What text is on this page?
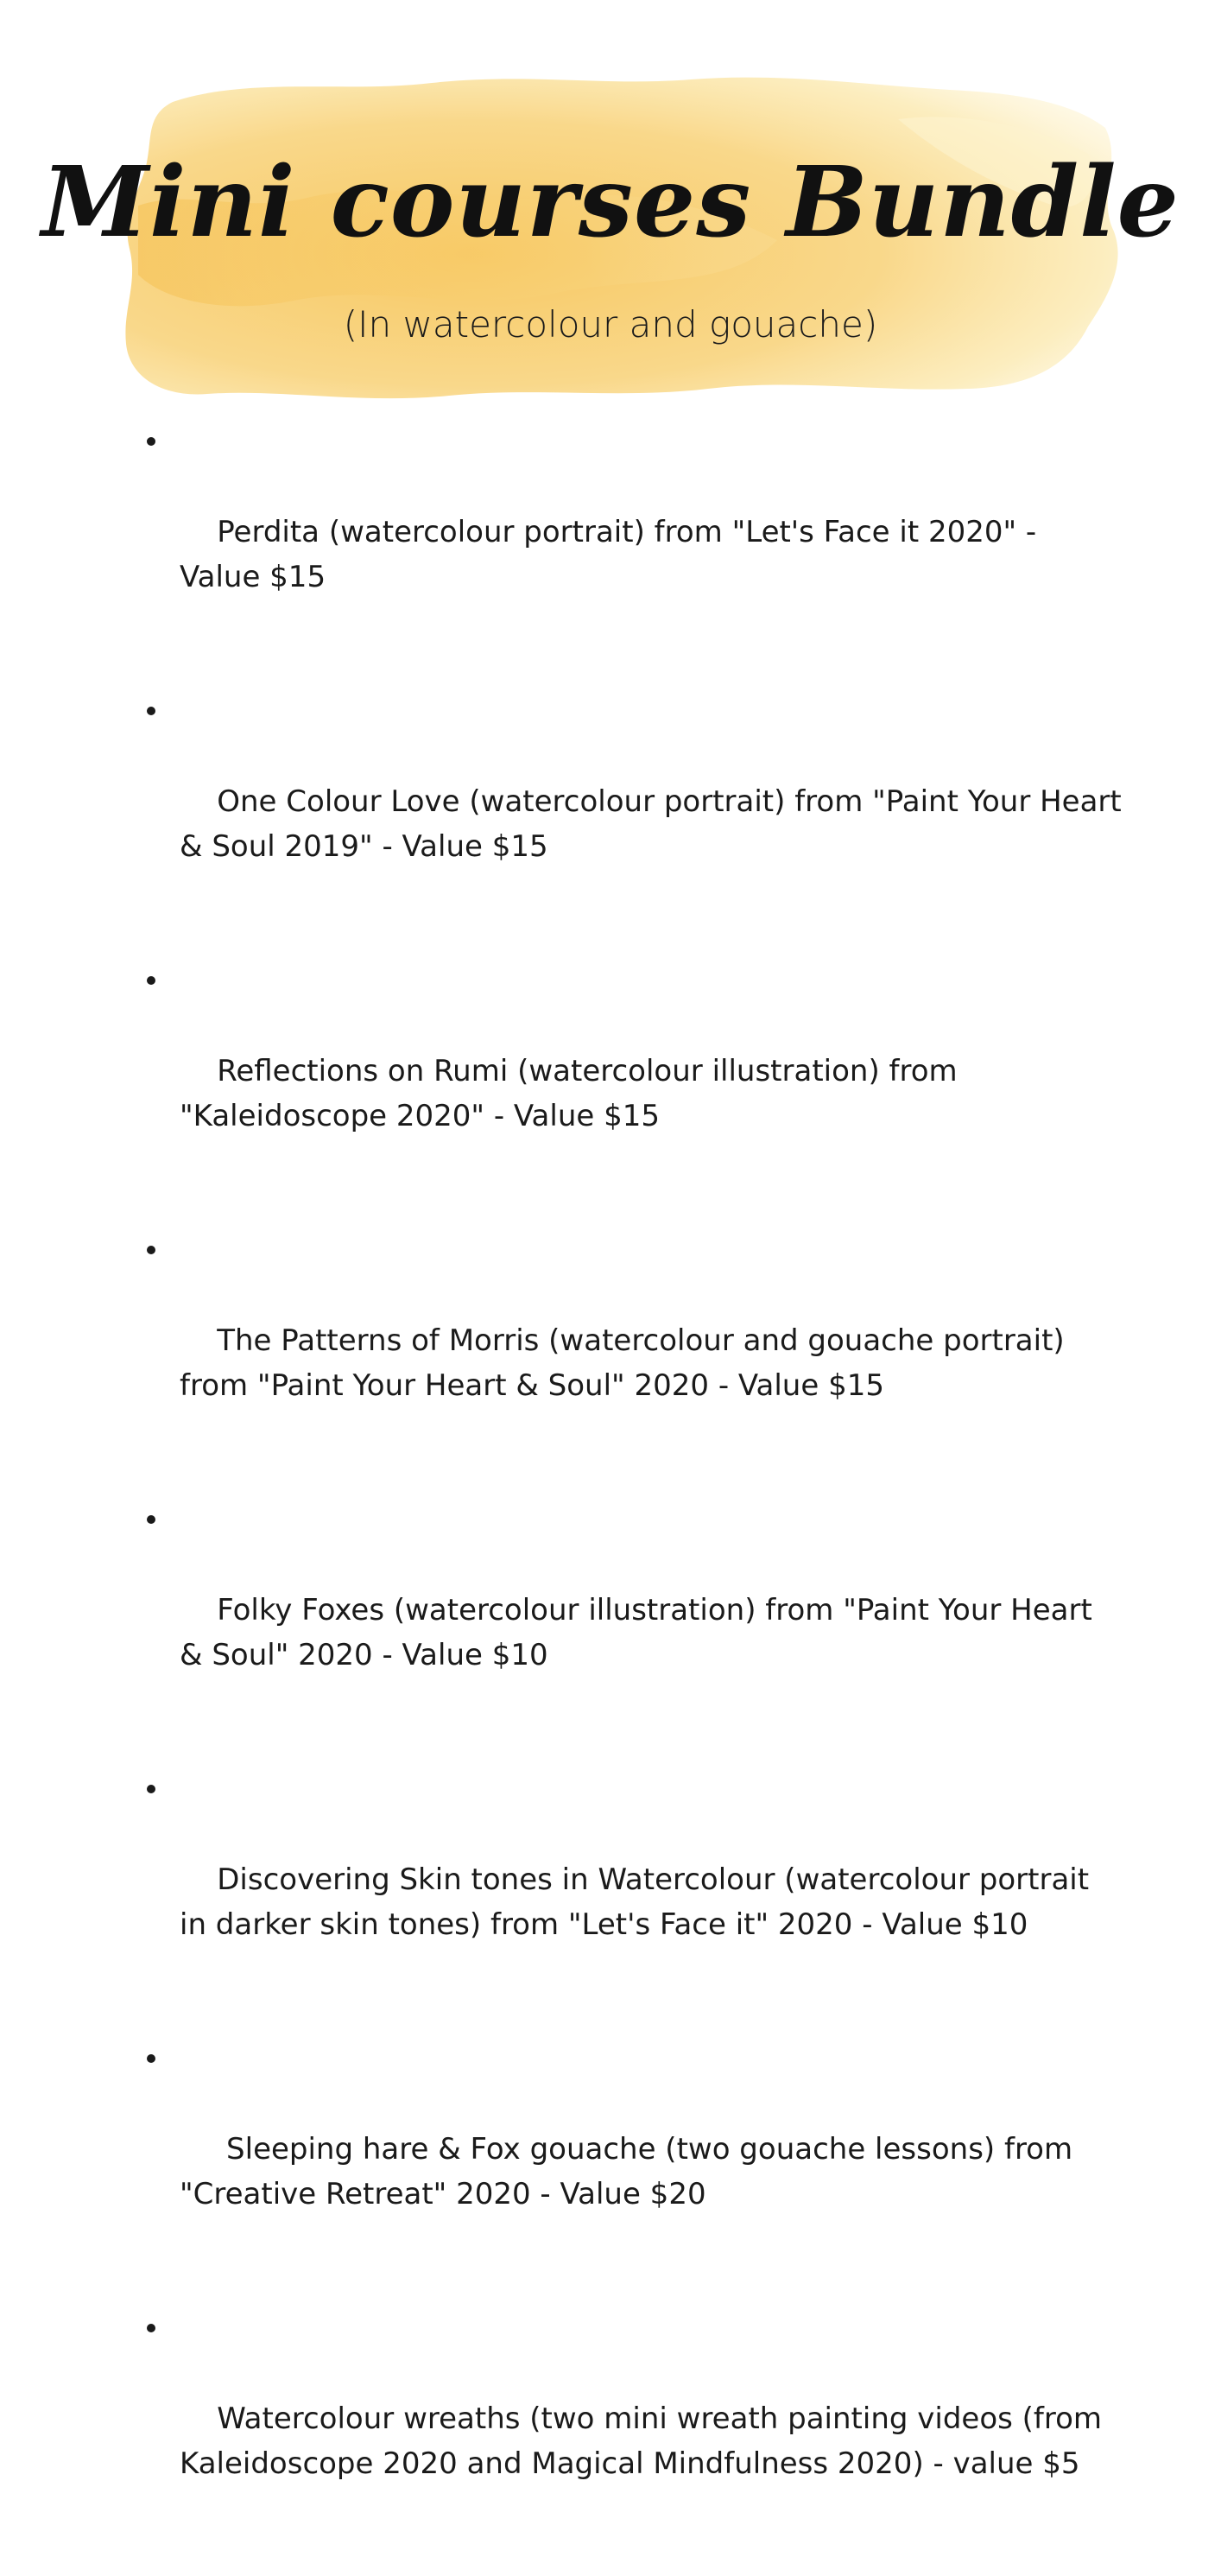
Mini courses Bundle
(In watercolour and gouache)

Perdita (watercolour portrait) from "Let's Face it 2020" - Value $15

One Colour Love (watercolour portrait) from "Paint Your Heart & Soul 2019" - Value $15

Reflections on Rumi (watercolour illustration) from "Kaleidoscope 2020" - Value $15

The Patterns of Morris (watercolour and gouache portrait) from "Paint Your Heart & Soul" 2020 - Value $15

Folky Foxes (watercolour illustration) from "Paint Your Heart & Soul" 2020 - Value $10

Discovering Skin tones in Watercolour (watercolour portrait in darker skin tones) from "Let's Face it" 2020 - Value $10

Sleeping hare & Fox gouache (two gouache lessons) from "Creative Retreat" 2020 - Value $20

Watercolour wreaths (two mini wreath painting videos (from Kaleidoscope 2020 and Magical Mindfulness 2020) - value $5
